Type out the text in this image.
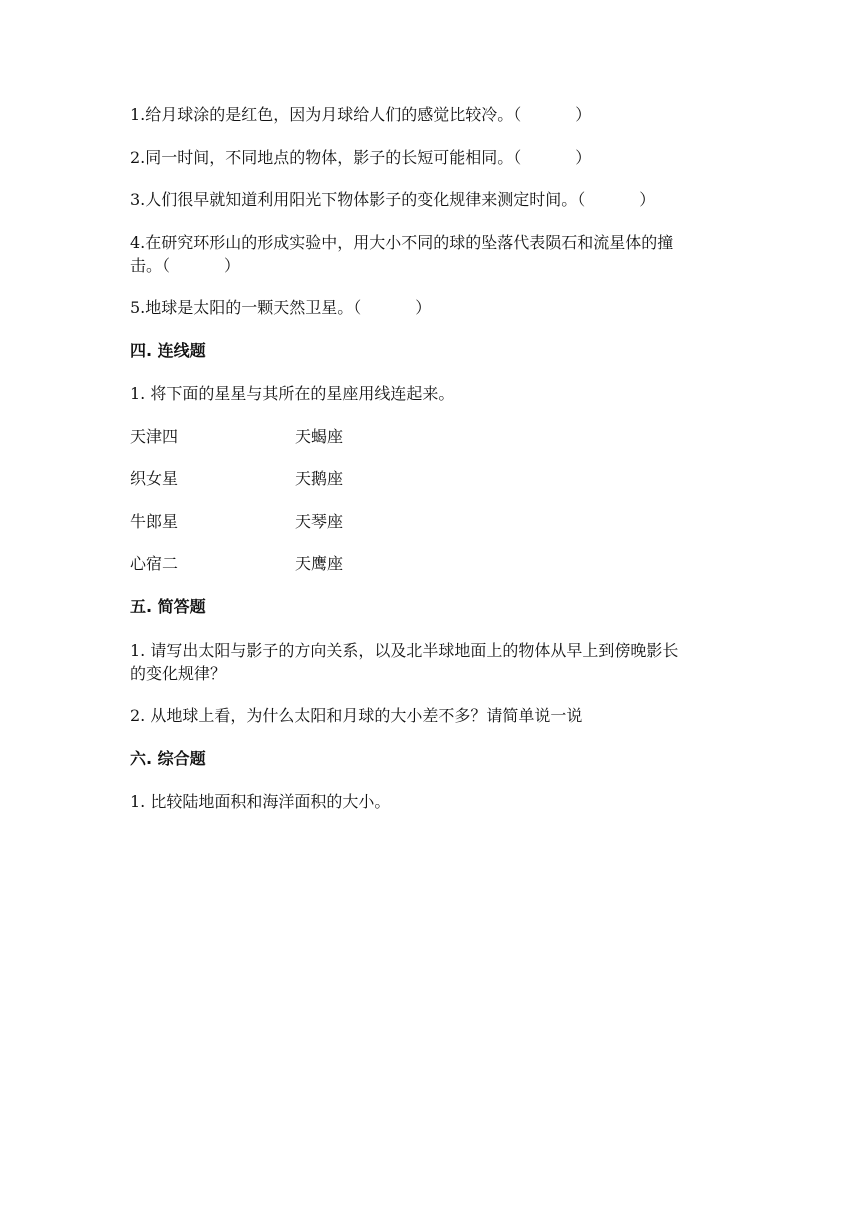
1.给月球涂的是红色，因为月球给人们的感觉比较冷。（	）
2.同一时间，不同地点的物体，影子的长短可能相同。（	）
3.人们很早就知道利用阳光下物体影子的变化规律来测定时间。（	）
4.在研究环形山的形成实验中，用大小不同的球的坠落代表陨石和流星体的撞
击。（	）
5.地球是太阳的一颗天然卫星。（	）
四. 连线题
1. 将下面的星星与其所在的星座用线连起来。
天津四	天蝎座
织女星	天鹅座
牛郎星	天琴座
心宿二	天鹰座
五. 简答题
1. 请写出太阳与影子的方向关系，以及北半球地面上的物体从早上到傍晚影长
的变化规律？
2. 从地球上看，为什么太阳和月球的大小差不多？请简单说一说
六. 综合题
1. 比较陆地面积和海洋面积的大小。
